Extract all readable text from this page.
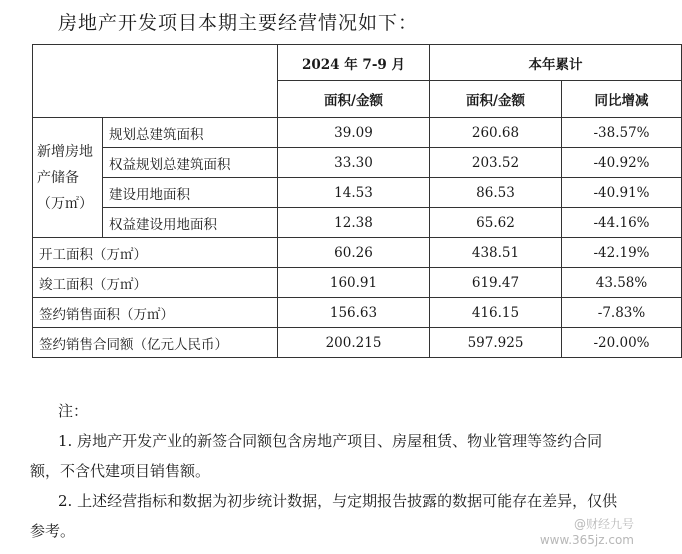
房地产开发项目本期主要经营情况如下：
		2024 年 7-9 月	本年累计	
		面积/金额	面积/金额	同比增减
新增房地产储备（万㎡）	规划总建筑面积	39.09	260.68	-38.57%
	权益规划总建筑面积	33.30	203.52	-40.92%
	建设用地面积	14.53	86.53	-40.91%
	权益建设用地面积	12.38	65.62	-44.16%
开工面积（万㎡）		60.26	438.51	-42.19%
竣工面积（万㎡）		160.91	619.47	43.58%
签约销售面积（万㎡）		156.63	416.15	-7.83%
签约销售合同额（亿元人民币）		200.215	597.925	-20.00%

注：

1. 房地产开发产业的新签合同额包含房地产项目、房屋租赁、物业管理等签约合同额，不含代建项目销售额。

2. 上述经营指标和数据为初步统计数据，与定期报告披露的数据可能存在差异，仅供参考。	@财经九号
www.365jz.com
